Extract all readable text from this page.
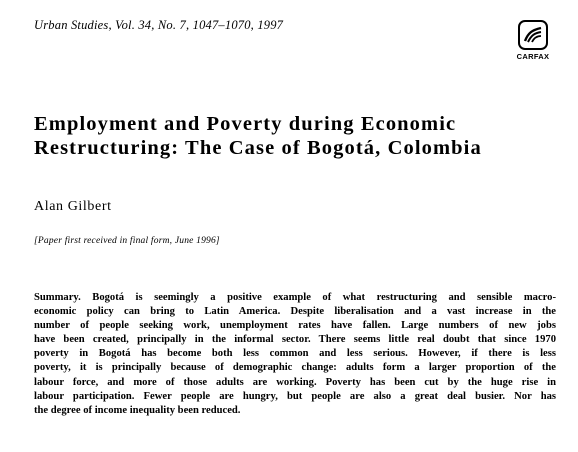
Urban Studies, Vol. 34, No. 7, 1047–1070, 1997
CARFAX
Employment and Poverty during Economic
Restructuring: The Case of Bogotá, Colombia
Alan Gilbert
[Paper first received in final form, June 1996]

Summary. Bogotá is seemingly a positive example of what restructuring and sensible macro-
economic policy can bring to Latin America. Despite liberalisation and a vast increase in the
number of people seeking work, unemployment rates have fallen. Large numbers of new jobs
have been created, principally in the informal sector. There seems little real doubt that since 1970
poverty in Bogotá has become both less common and less serious. However, if there is less
poverty, it is principally because of demographic change: adults form a larger proportion of the
labour force, and more of those adults are working. Poverty has been cut by the huge rise in
labour participation. Fewer people are hungry, but people are also a great deal busier. Nor has
the degree of income inequality been reduced.
